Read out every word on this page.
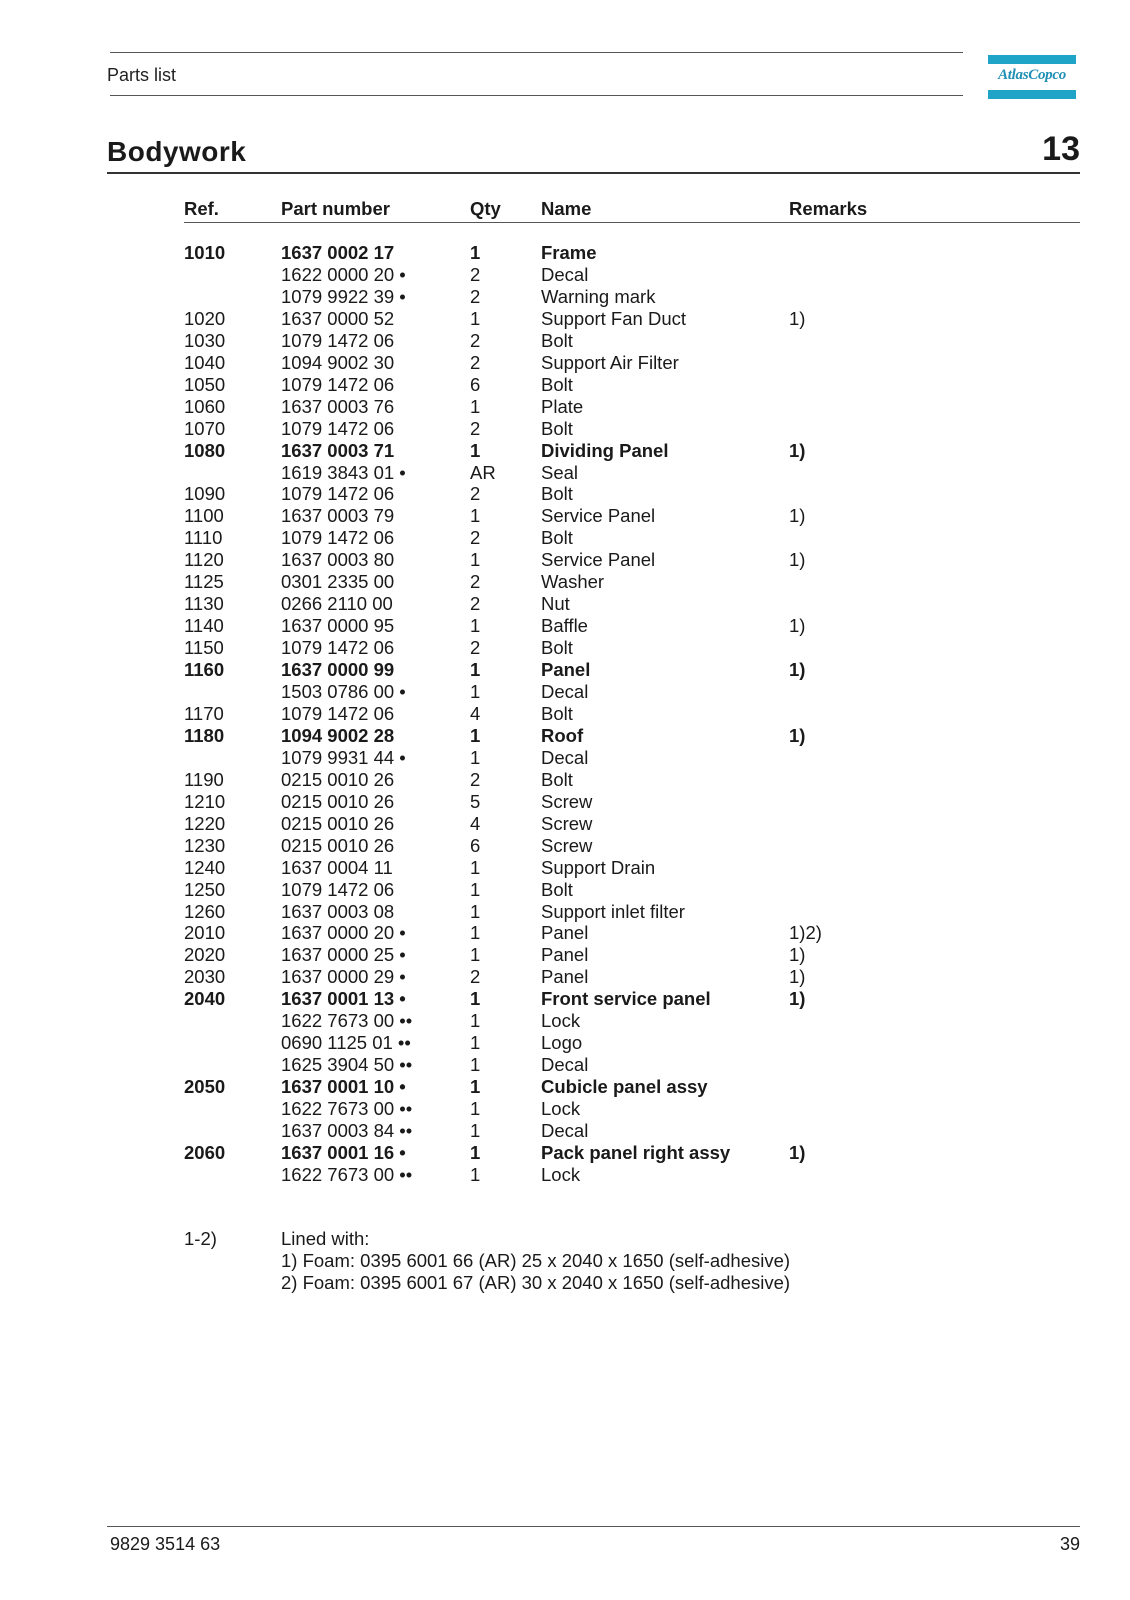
Parts list	AtlasCopco
Bodywork	13
Ref.	Part number	Qty Name	Remarks
1010	1637 0002 17	1	Frame
1622 0000 20 •	2	Decal
1079 9922 39 •	2	Warning mark
1020	1637 0000 52	1	Support Fan Duct	1)
1030	1079 1472 06	2	Bolt
1040	1094 9002 30	2	Support Air Filter
1050	1079 1472 06	6	Bolt
1060	1637 0003 76	1	Plate
1070	1079 1472 06	2	Bolt
1080	1637 0003 71	1	Dividing Panel	1)
1619 3843 01 •	AR Seal
1090	1079 1472 06	2	Bolt
1100	1637 0003 79	1	Service Panel	1)
1110	1079 1472 06	2	Bolt
1120	1637 0003 80	1	Service Panel	1)
1125	0301 2335 00	2	Washer
1130	0266 2110 00	2	Nut
1140	1637 0000 95	1	Baffle	1)
1150	1079 1472 06	2	Bolt
1160	1637 0000 99	1	Panel	1)
1503 0786 00 •	1	Decal
1170	1079 1472 06	4	Bolt
1180	1094 9002 28	1	Roof	1)
1079 9931 44 •	1	Decal
1190	0215 0010 26	2	Bolt
1210	0215 0010 26	5	Screw
1220	0215 0010 26	4	Screw
1230	0215 0010 26	6	Screw
1240	1637 0004 11	1	Support Drain
1250	1079 1472 06	1	Bolt
1260	1637 0003 08	1	Support inlet filter
2010	1637 0000 20 •	1	Panel	1)2)
2020	1637 0000 25 •	1	Panel	1)
2030	1637 0000 29 •	2	Panel	1)
2040	1637 0001 13 •	1	Front service panel	1)
1622 7673 00 ••	1	Lock
0690 1125 01 ••	1	Logo
1625 3904 50 ••	1	Decal
2050	1637 0001 10 •	1	Cubicle panel assy
1622 7673 00 ••	1	Lock
1637 0003 84 ••	1	Decal
2060	1637 0001 16 •	1	Pack panel right assy	1)
1622 7673 00 ••	1	Lock
1-2)	Lined with:
1) Foam: 0395 6001 66 (AR) 25 x 2040 x 1650 (self-adhesive)
2) Foam: 0395 6001 67 (AR) 30 x 2040 x 1650 (self-adhesive)
9829 3514 63	39
